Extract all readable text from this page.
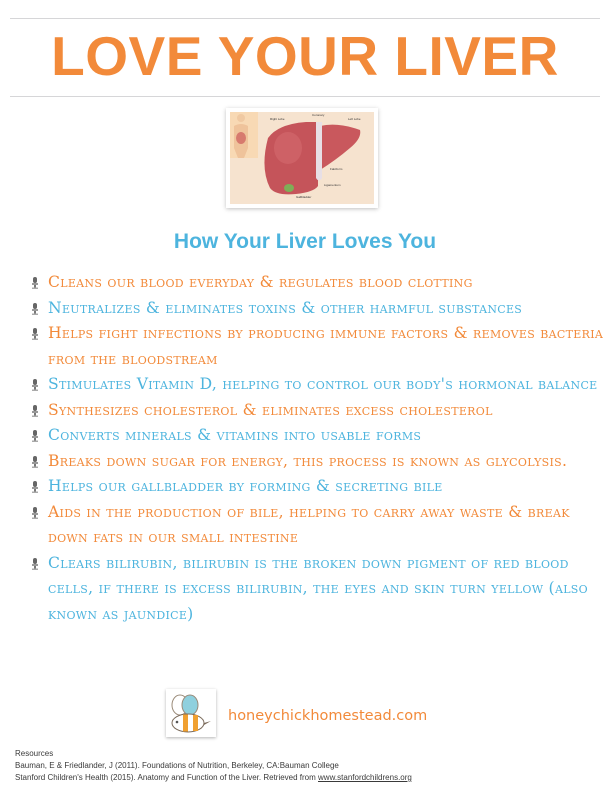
LOVE YOUR LIVER
Right Lobe
Coronary
Left Lobe
Falciform
Ligamentum
Gallbladder
How Your Liver Loves You
Cleans our blood everyday & regulates blood clotting
Neutralizes & eliminates toxins & other harmful substances
Helps fight infections by producing immune factors & removes bacteria from the bloodstream
Stimulates Vitamin D, helping to control our body's hormonal balance
Synthesizes cholesterol & eliminates excess cholesterol
Converts minerals & vitamins into usable forms
Breaks down sugar for energy, this process is known as glycolysis.
Helps our gallbladder by forming & secreting bile
Aids in the production of bile, helping to carry away waste & break down fats in our small intestine
Clears bilirubin, bilirubin is the broken down pigment of red blood cells, if there is excess bilirubin, the eyes and skin turn yellow (also known as jaundice)
honeychickhomestead.com
Resources
Bauman, E & Friedlander, J (2011). Foundations of Nutrition, Berkeley, CA:Bauman College
Stanford Children's Health (2015). Anatomy and Function of the Liver. Retrieved from www.stanfordchildrens.org
